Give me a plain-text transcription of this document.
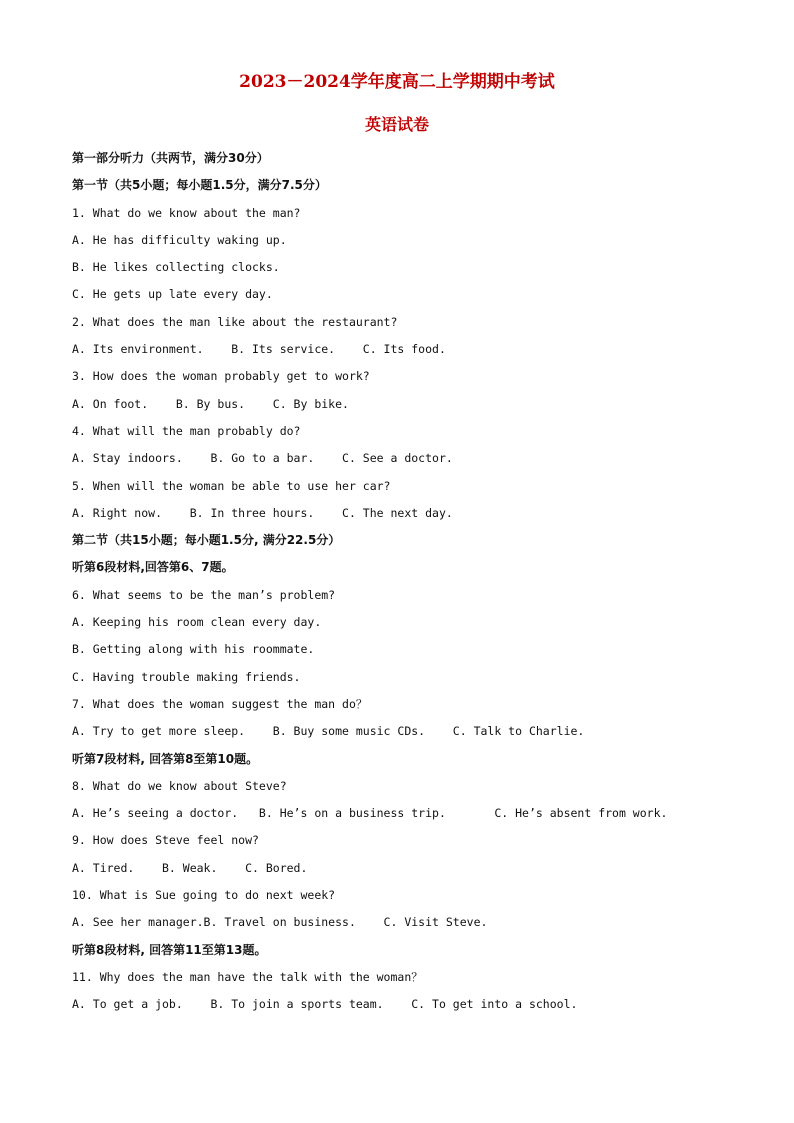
2023－2024学年度高二上学期期中考试
英语试卷
第一部分听力（共两节，满分30分）
第一节（共5小题；每小题1.5分，满分7.5分）
1. What do we know about the man?
A. He has difficulty waking up.
B. He likes collecting clocks.
C. He gets up late every day.
2. What does the man like about the restaurant?
A. Its environment.    B. Its service.    C. Its food.
3. How does the woman probably get to work?
A. On foot.    B. By bus.    C. By bike.
4. What will the man probably do?
A. Stay indoors.    B. Go to a bar.    C. See a doctor.
5. When will the woman be able to use her car?
A. Right now.    B. In three hours.    C. The next day.
第二节（共15小题；每小题1.5分, 满分22.5分）
听第6段材料,回答第6、7题。
6. What seems to be the man’s problem?
A. Keeping his room clean every day.
B. Getting along with his roommate.
C. Having trouble making friends.
7. What does the woman suggest the man do？
A. Try to get more sleep.    B. Buy some music CDs.    C. Talk to Charlie.
听第7段材料, 回答第8至第10题。
8. What do we know about Steve?
A. He’s seeing a doctor.   B. He’s on a business trip.       C. He’s absent from work.
9. How does Steve feel now?
A. Tired.    B. Weak.    C. Bored.
10. What is Sue going to do next week?
A. See her manager.B. Travel on business.    C. Visit Steve.
听第8段材料, 回答第11至第13题。
11. Why does the man have the talk with the woman？
A. To get a job.    B. To join a sports team.    C. To get into a school.
